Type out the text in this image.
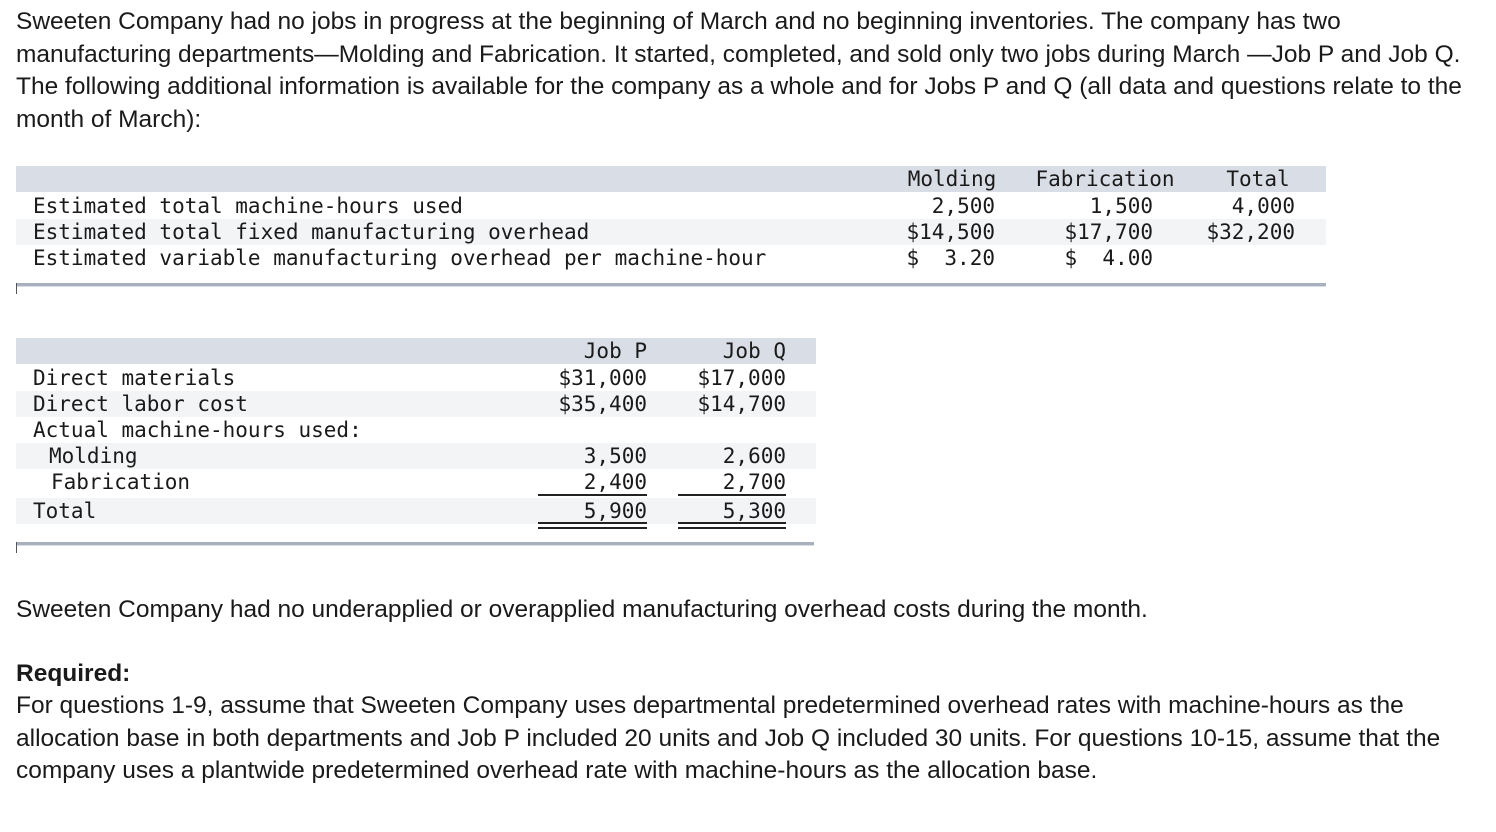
Sweeten Company had no jobs in progress at the beginning of March and no beginning inventories. The company has two manufacturing departments—Molding and Fabrication. It started, completed, and sold only two jobs during March —Job P and Job Q. The following additional information is available for the company as a whole and for Jobs P and Q (all data and questions relate to the month of March):

Molding	Fabrication	Total
Estimated total machine-hours used	2,500	1,500	4,000
Estimated total fixed manufacturing overhead	$14,500	$17,700	$32,200
Estimated variable manufacturing overhead per machine-hour	$  3.20	$  4.00
Job P	Job Q
Direct materials	$31,000	$17,000
Direct labor cost	$35,400	$14,700
Actual machine-hours used:
Molding	3,500	2,600
Fabrication	2,400	2,700
Total	5,900	5,300

Sweeten Company had no underapplied or overapplied manufacturing overhead costs during the month.

Required:

For questions 1-9, assume that Sweeten Company uses departmental predetermined overhead rates with machine-hours as the allocation base in both departments and Job P included 20 units and Job Q included 30 units. For questions 10-15, assume that the company uses a plantwide predetermined overhead rate with machine-hours as the allocation base.
